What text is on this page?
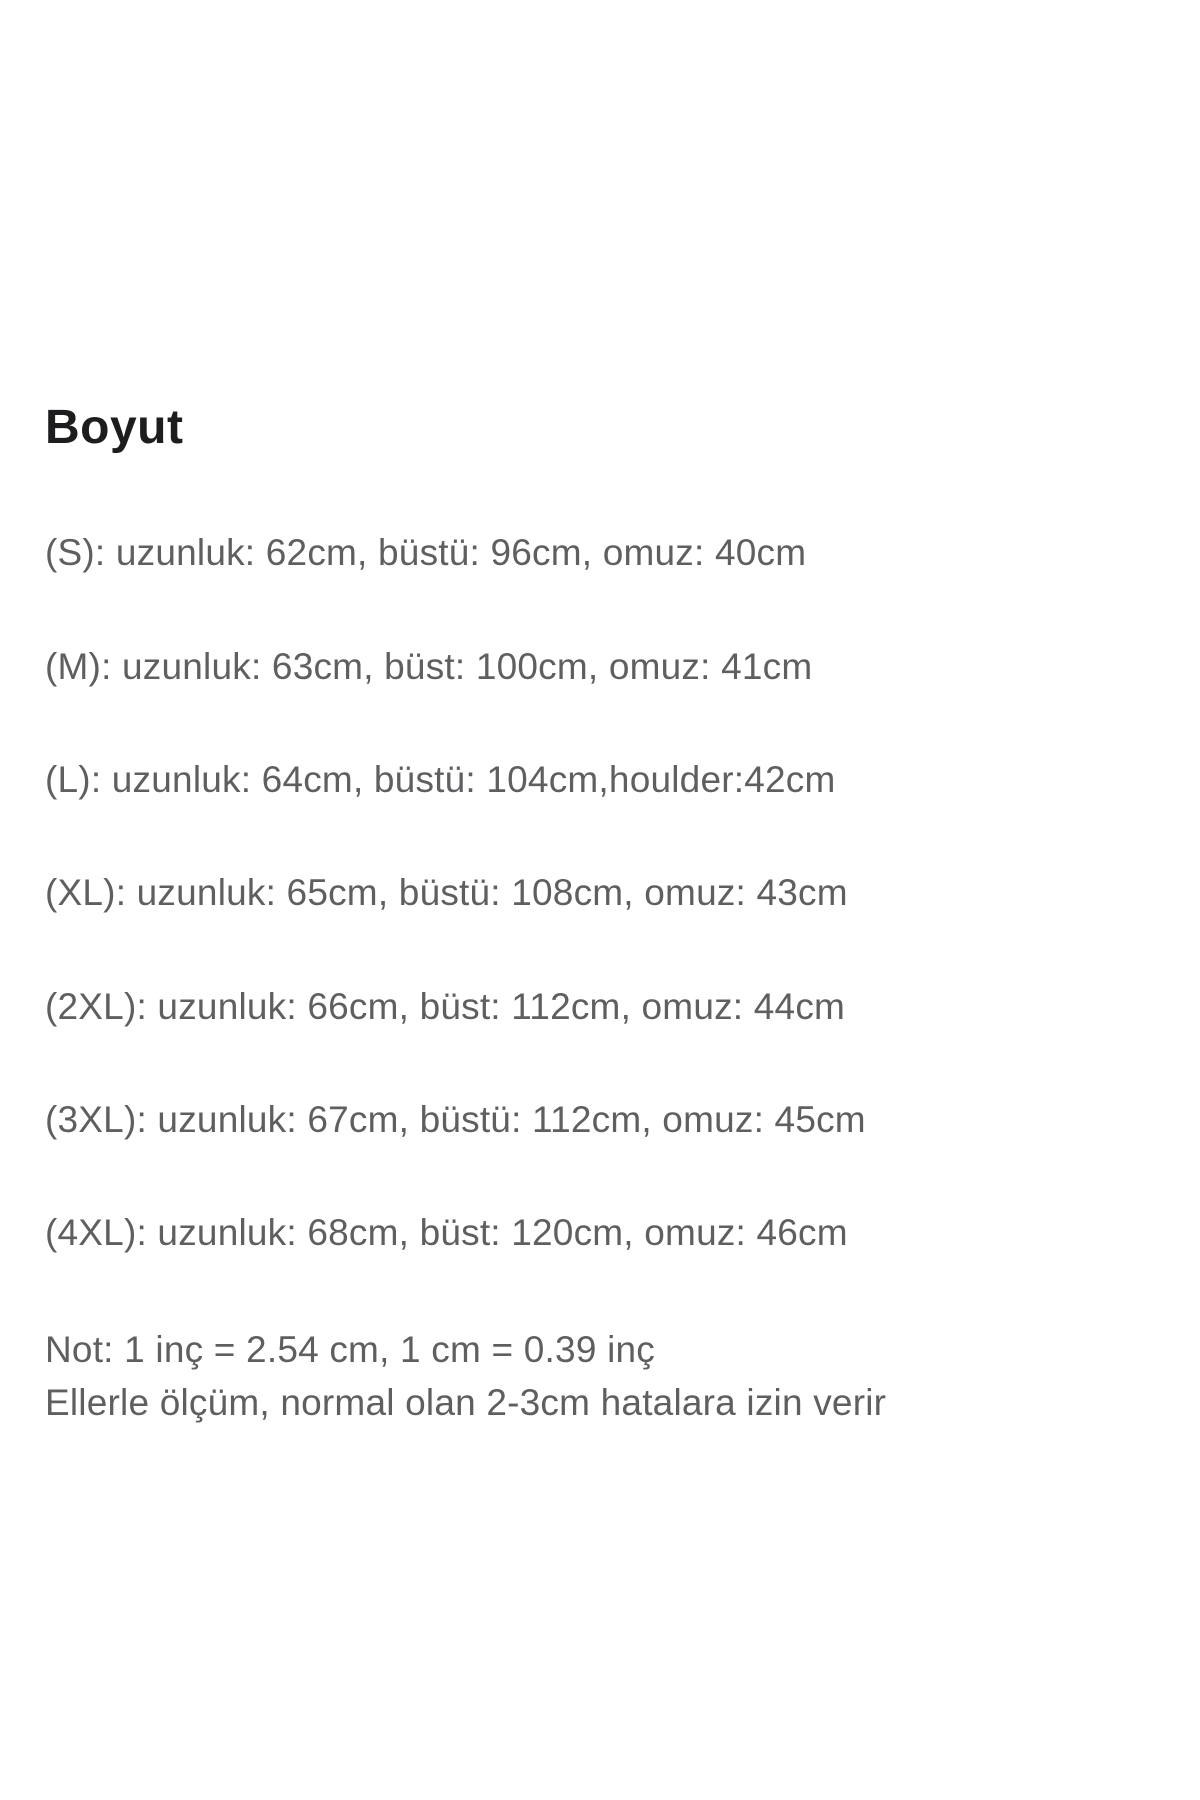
Boyut

(S): uzunluk: 62cm, büstü: 96cm, omuz: 40cm

(M): uzunluk: 63cm, büst: 100cm, omuz: 41cm

(L): uzunluk: 64cm, büstü: 104cm,houlder:42cm

(XL): uzunluk: 65cm, büstü: 108cm, omuz: 43cm

(2XL): uzunluk: 66cm, büst: 112cm, omuz: 44cm

(3XL): uzunluk: 67cm, büstü: 112cm, omuz: 45cm

(4XL): uzunluk: 68cm, büst: 120cm, omuz: 46cm

Not: 1 inç = 2.54 cm, 1 cm = 0.39 inç

Ellerle ölçüm, normal olan 2-3cm hatalara izin verir
